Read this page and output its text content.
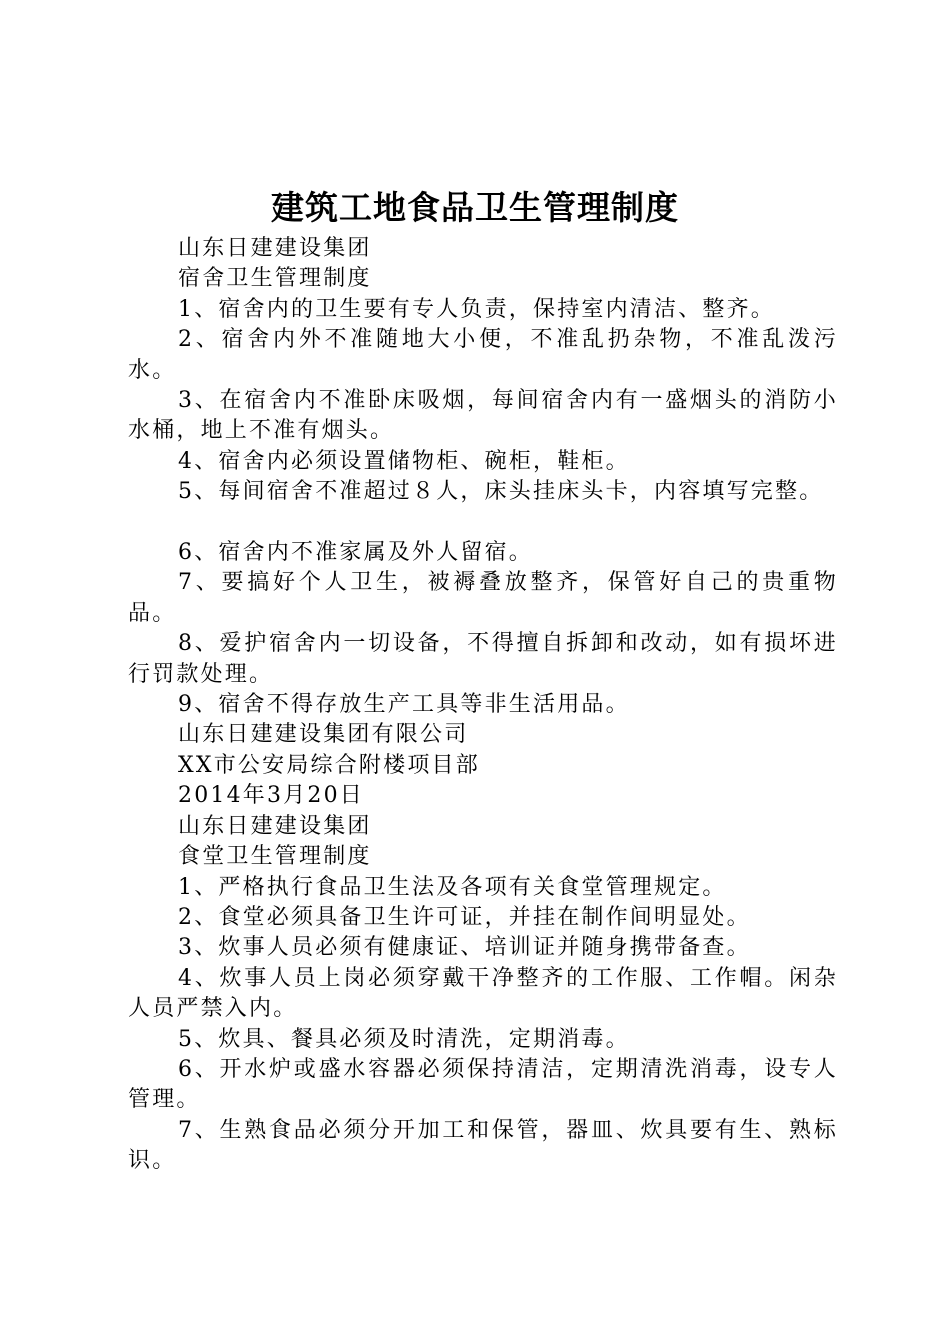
建筑工地食品卫生管理制度

山东日建建设集团

宿舍卫生管理制度

1、宿舍内的卫生要有专人负责，保持室内清洁、整齐。

2、宿舍内外不准随地大小便，不准乱扔杂物，不准乱泼污水。

3、在宿舍内不准卧床吸烟，每间宿舍内有一盛烟头的消防小水桶，地上不准有烟头。

4、宿舍内必须设置储物柜、碗柜，鞋柜。

5、每间宿舍不准超过８人，床头挂床头卡，内容填写完整。

6、宿舍内不准家属及外人留宿。

7、要搞好个人卫生，被褥叠放整齐，保管好自己的贵重物品。

8、爱护宿舍内一切设备，不得擅自拆卸和改动，如有损坏进行罚款处理。

9、宿舍不得存放生产工具等非生活用品。

山东日建建设集团有限公司

XX市公安局综合附楼项目部

2014年3月20日

山东日建建设集团

食堂卫生管理制度

1、严格执行食品卫生法及各项有关食堂管理规定。

2、食堂必须具备卫生许可证，并挂在制作间明显处。

3、炊事人员必须有健康证、培训证并随身携带备查。

4、炊事人员上岗必须穿戴干净整齐的工作服、工作帽。闲杂人员严禁入内。

5、炊具、餐具必须及时清洗，定期消毒。

6、开水炉或盛水容器必须保持清洁，定期清洗消毒，设专人管理。

7、生熟食品必须分开加工和保管，器皿、炊具要有生、熟标识。
